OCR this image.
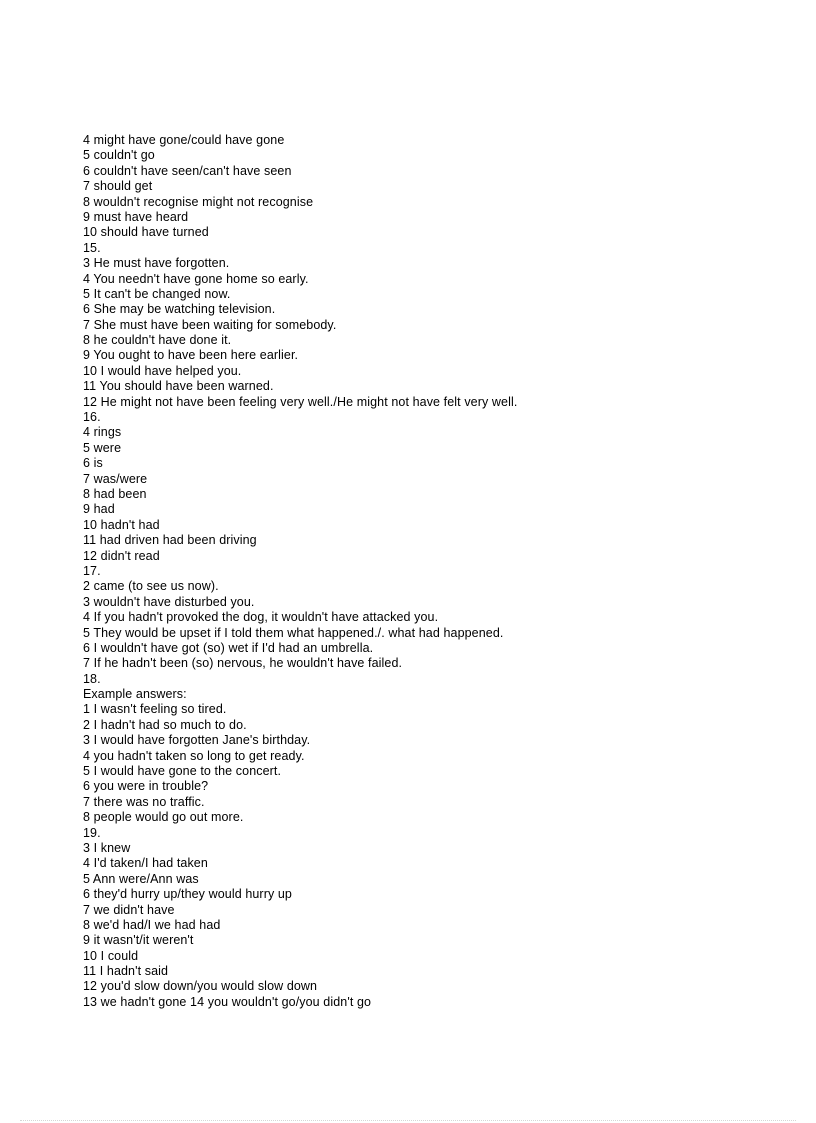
4 might have gone/could have gone
5 couldn't go
6 couldn't have seen/can't have seen
7 should get
8 wouldn't recognise might not recognise
9 must have heard
10 should have turned
15.
3 He must have forgotten.
4 You needn't have gone home so early.
5 It can't be changed now.
6 She may be watching television.
7 She must have been waiting for somebody.
8 he couldn't have done it.
9 You ought to have been here earlier.
10 I would have helped you.
11 You should have been warned.
12 He might not have been feeling very well./He might not have felt very well.
16.
4 rings
5 were
6 is
7 was/were
8 had been
9 had
10 hadn't had
11 had driven had been driving
12 didn't read
17.
2 came (to see us now).
3 wouldn't have disturbed you.
4 If you hadn't provoked the dog, it wouldn't have attacked you.
5 They would be upset if I told them what happened./. what had happened.
6 I wouldn't have got (so) wet if I'd had an umbrella.
7 If he hadn't been (so) nervous, he wouldn't have failed.
18.
Example answers:
1 I wasn't feeling so tired.
2 I hadn't had so much to do.
3 I would have forgotten Jane's birthday.
4 you hadn't taken so long to get ready.
5 I would have gone to the concert.
6 you were in trouble?
7 there was no traffic.
8 people would go out more.
19.
3 I knew
4 I'd taken/I had taken
5 Ann were/Ann was
6 they'd hurry up/they would hurry up
7 we didn't have
8 we'd had/I we had had
9 it wasn't/it weren't
10 I could
11 I hadn't said
12 you'd slow down/you would slow down
13 we hadn't gone 14 you wouldn't go/you didn't go
